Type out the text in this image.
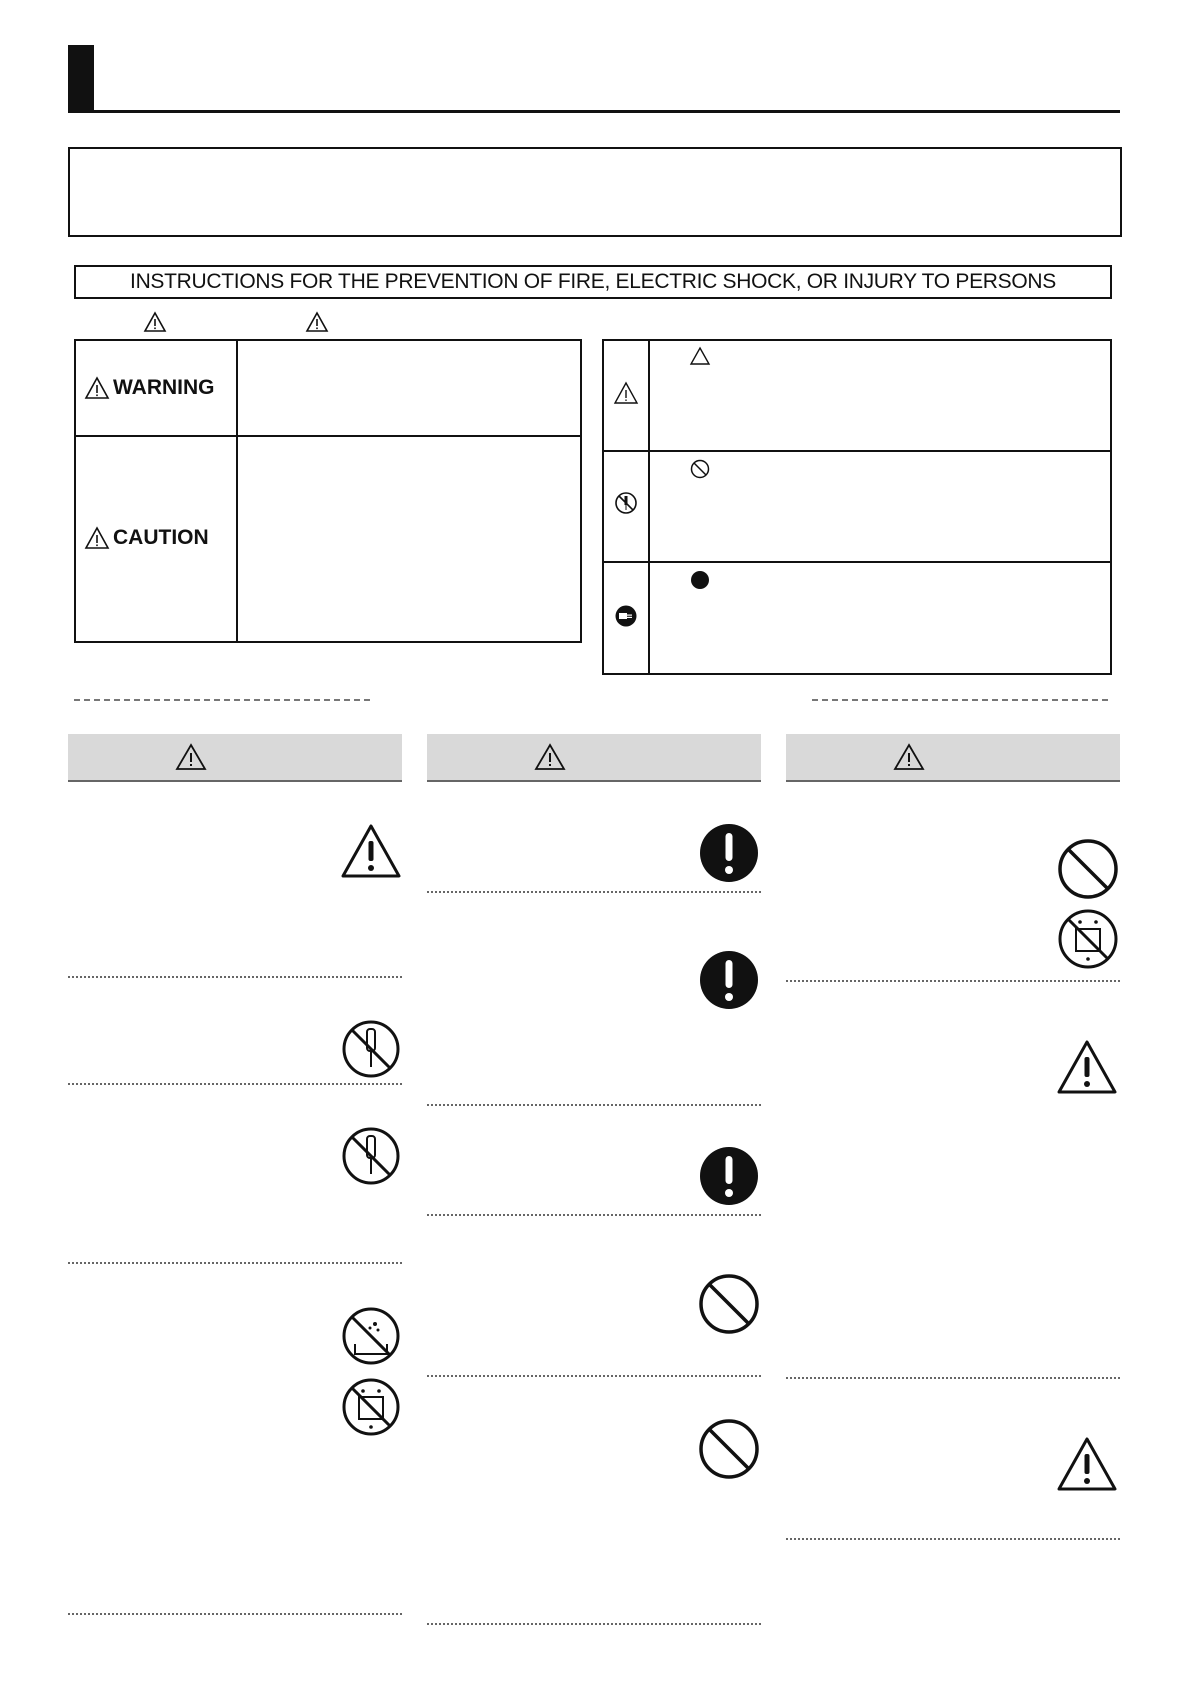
INSTRUCTIONS FOR THE PREVENTION OF FIRE, ELECTRIC SHOCK, OR INJURY TO PERSONS
WARNING
CAUTION
